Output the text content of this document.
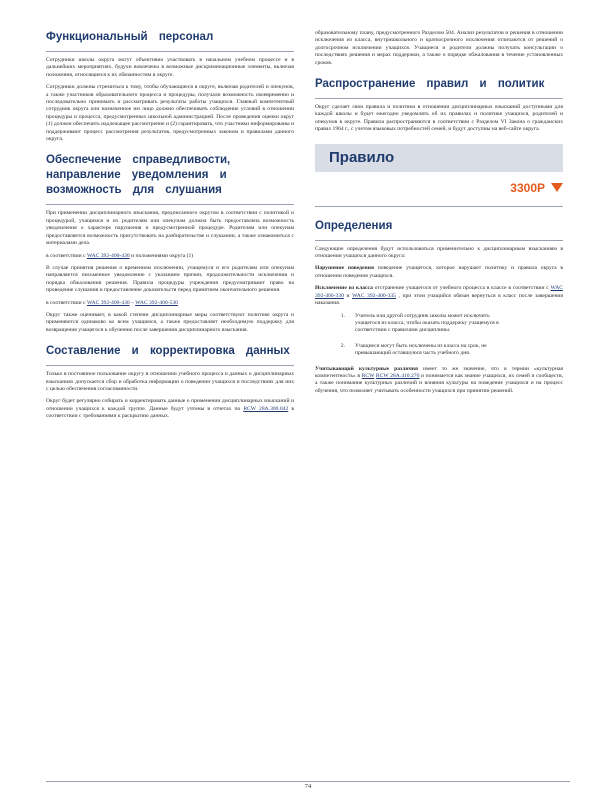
Функциональный персонал

Сотрудники школы округа могут объективно участвовать в начальном учебном процессе и в дальнейших мероприятиях, будучи вовлечены в возможные дискриминационные элементы, включая положения, относящиеся к их обязанностям в округе.

Сотрудники должны стремиться к тому, чтобы обучающиеся в округе, включая родителей и опекунов, а также участников образовательного процесса и процедуры, получали возможность своевременно и последовательно принимать и рассматривать результаты работы учащихся. Главный компетентный сотрудник округа или назначенное им лицо должно обеспечивать соблюдение условий в отношении процедуры и процесса, предусмотренных школьной администрацией. После проведения оценки округ (1) должен обеспечить надлежащее рассмотрение и (2) гарантировать, что участники информированы и поддерживают процесс рассмотрения результатов, предусмотренных законом и правилами данного округа.

Обеспечение справедливости, направление уведомления и возможность для слушания

При применении дисциплинарного взыскания, предписанного округом в соответствии с политикой и процедурой, учащимся и их родителям или опекунам должна быть предоставлена возможность уведомления о характере нарушения и предусмотренной процедуре. Родителям или опекунам предоставляется возможность присутствовать на разбирательстве и слушании, а также ознакомиться с материалами дела.

в соответствии с WAC 392-400-430 и положениями округа (1)

В случае принятия решения о временном исключении, учащемуся и его родителям или опекунам направляется письменное уведомление с указанием причин, продолжительности исключения и порядка обжалования решения. Правила процедуры учреждения предусматривают право на проведение слушания и предоставление доказательств перед принятием окончательного решения.

в соответствии с WAC 392-400-430 – WAC 392-400-530

Округ также оценивает, в какой степени дисциплинарные меры соответствуют политике округа и применяются одинаково ко всем учащимся, а также предоставляет необходимую поддержку для возвращения учащегося к обучению после завершения дисциплинарного взыскания.

Составление и корректировка данных

Только в постоянное пользование округу в отношении учебного процесса и данных о дисциплинарных взысканиях допускается сбор и обработка информации о поведении учащихся и последствиях для них с целью обеспечения согласованности.

Округ будет регулярно собирать и корректировать данные о применении дисциплинарных взысканий и отношении учащихся к каждой группе. Данные будут учтены в отчетах по RCW 28A.300.042 в соответствии с требованиями к раскрытию данных.

образовательному плану, предусмотренного Разделом 504. Анализ результатов и решения в отношении исключения из класса, внутришкольного и краткосрочного исключения отличаются от решений о долгосрочном исключении учащихся. Учащиеся и родители должны получать консультации о последствиях решения и мерах поддержки, а также о порядке обжалования в течение установленных сроков.

Распространение правил и политик

Округ сделает свои правила и политики в отношении дисциплинарных взысканий доступными для каждой школы и будет ежегодно уведомлять об их правилах и политике учащихся, родителей и опекунов в округе. Правила распространяются в соответствии с Разделом VI Закона о гражданских правах 1964 г., с учетом языковых потребностей семей, и будут доступны на веб-сайте округа.

Правило
3300P
Определения

Следующие определения будут использоваться применительно к дисциплинарным взысканиям в отношении учащихся данного округа:

Нарушение поведения поведение учащегося, которое нарушает политику и правила округа в отношении поведения учащихся.

Исключение из класса отстранение учащегося от учебного процесса в классе в соответствии с WAC 392-400-330 и WAC 392-400-335 , при этом учащийся обязан вернуться в класс после завершения наказания.

1.	Учитель или другой сотрудник школы может исключить учащегося из класса, чтобы оказать поддержку учащемуся в соответствии с правилами дисциплины.
2.	Учащиеся могут быть исключены из класса на срок, не превышающий оставшуюся часть учебного дня.

Учитывающий культурные различия имеет то же значение, что и термин «культурная компетентность» в RCW RCW 28A.410.270 и понимается как знание учащихся, их семей и сообществ, а также понимание культурных различий и влияния культуры на поведение учащихся и на процесс обучения, что позволяет учитывать особенности учащихся при принятии решений.

74
